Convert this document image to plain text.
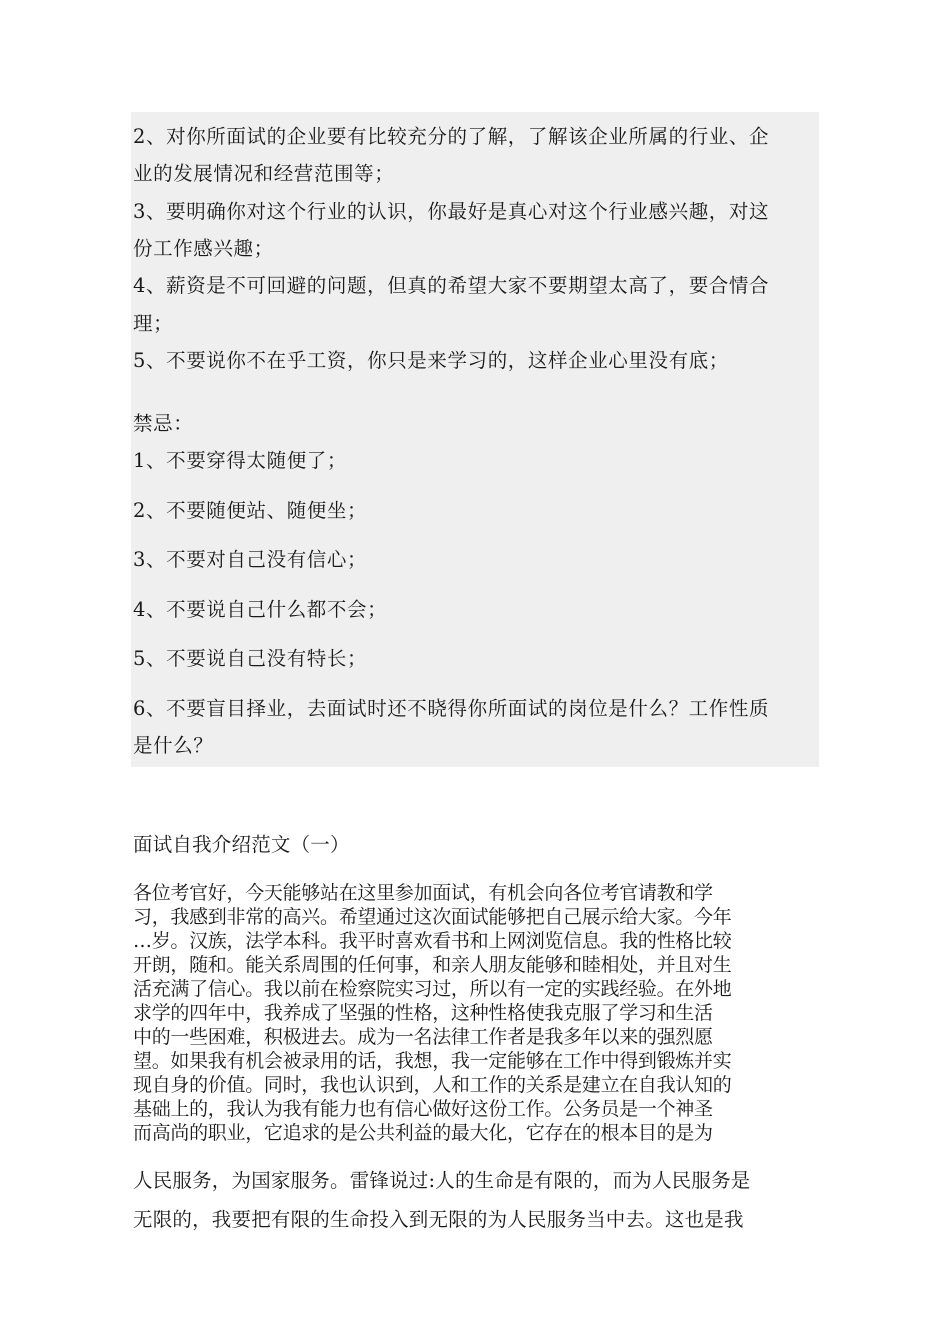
2、对你所面试的企业要有比较充分的了解，了解该企业所属的行业、企
业的发展情况和经营范围等；
3、要明确你对这个行业的认识，你最好是真心对这个行业感兴趣，对这
份工作感兴趣；
4、薪资是不可回避的问题，但真的希望大家不要期望太高了，要合情合
理；
5、不要说你不在乎工资，你只是来学习的，这样企业心里没有底；
禁忌：
1、不要穿得太随便了；
2、不要随便站、随便坐；
3、不要对自己没有信心；
4、不要说自己什么都不会；
5、不要说自己没有特长；
6、不要盲目择业，去面试时还不晓得你所面试的岗位是什么？工作性质
是什么？
面试自我介绍范文（一）
各位考官好，今天能够站在这里参加面试，有机会向各位考官请教和学
习，我感到非常的高兴。希望通过这次面试能够把自己展示给大家。今年
…岁。汉族，法学本科。我平时喜欢看书和上网浏览信息。我的性格比较
开朗，随和。能关系周围的任何事，和亲人朋友能够和睦相处，并且对生
活充满了信心。我以前在检察院实习过，所以有一定的实践经验。在外地
求学的四年中，我养成了坚强的性格，这种性格使我克服了学习和生活
中的一些困难，积极进去。成为一名法律工作者是我多年以来的强烈愿
望。如果我有机会被录用的话，我想，我一定能够在工作中得到锻炼并实
现自身的价值。同时，我也认识到，人和工作的关系是建立在自我认知的
基础上的，我认为我有能力也有信心做好这份工作。公务员是一个神圣
而高尚的职业，它追求的是公共利益的最大化，它存在的根本目的是为
人民服务，为国家服务。雷锋说过:人的生命是有限的，而为人民服务是
无限的，我要把有限的生命投入到无限的为人民服务当中去。这也是我
